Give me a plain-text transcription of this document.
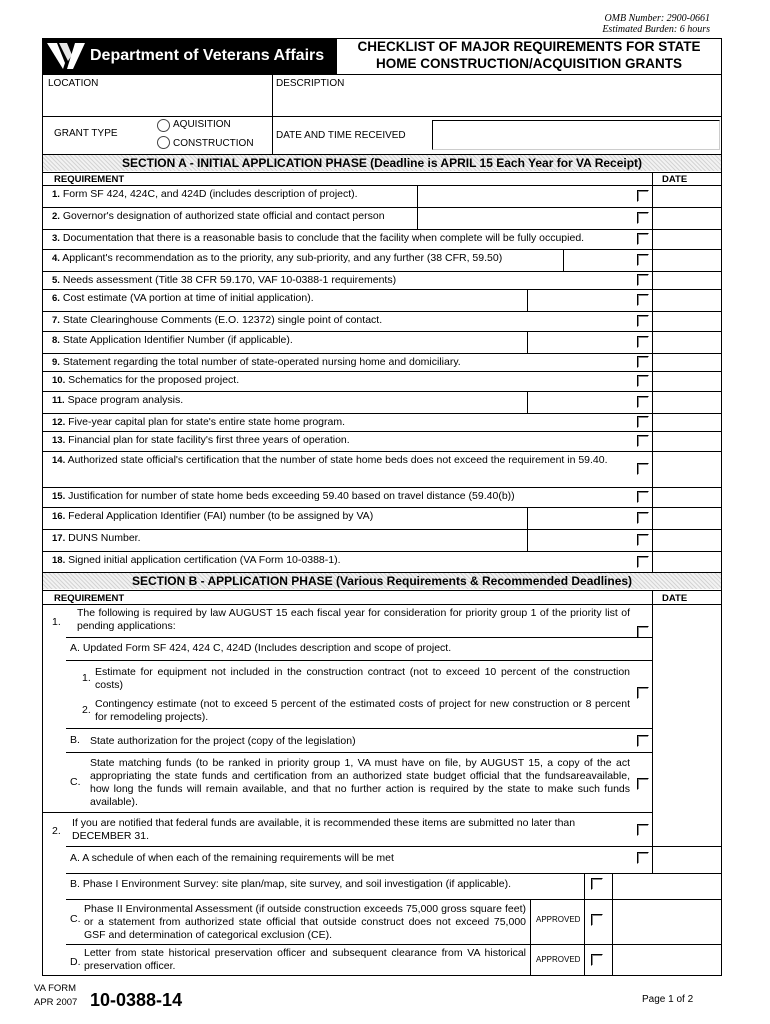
OMB Number: 2900-0661
Estimated Burden: 6 hours
Department of Veterans Affairs
CHECKLIST OF MAJOR REQUIREMENTS FOR STATE
HOME CONSTRUCTION/ACQUISITION GRANTS
LOCATION	DESCRIPTION
GRANT TYPE
AQUISITION
CONSTRUCTION
DATE AND TIME RECEIVED
SECTION A - INITIAL APPLICATION PHASE (Deadline is APRIL 15 Each Year for VA Receipt)
REQUIREMENT	DATE
1. Form SF 424, 424C, and 424D (includes description of project).
2. Governor's designation of authorized state official and contact person
3. Documentation that there is a reasonable basis to conclude that the facility when complete will be fully occupied.
4. Applicant's recommendation as to the priority, any sub-priority, and any further (38 CFR, 59.50)
5. Needs assessment (Title 38 CFR 59.170, VAF 10-0388-1 requirements)
6. Cost estimate (VA portion at time of initial application).
7. State Clearinghouse Comments (E.O. 12372) single point of contact.
8. State Application Identifier Number (if applicable).
9. Statement regarding the total number of state-operated nursing home and domiciliary.
10. Schematics for the proposed project.
11. Space program analysis.
12. Five-year capital plan for state's entire state home program.
13. Financial plan for state facility's first three years of operation.
14. Authorized state official's certification that the number of state home beds does not exceed the requirement in 59.40.
15. Justification for number of state home beds exceeding 59.40 based on travel distance (59.40(b))
16. Federal Application Identifier (FAI) number (to be assigned by VA)
17. DUNS Number.
18. Signed initial application certification (VA Form 10-0388-1).
SECTION B - APPLICATION PHASE (Various Requirements & Recommended Deadlines)
REQUIREMENT	DATE
1.
The following is required by law AUGUST 15 each fiscal year for consideration for priority group 1 of the priority list of pending applications:
A. Updated Form SF 424, 424 C, 424D (Includes description and scope of project.
1. Estimate for equipment not included in the construction contract (not to exceed 10 percent of the construction costs)
2. Contingency estimate (not to exceed 5 percent of the estimated costs of project for new construction or 8 percent for remodeling projects).
B. State authorization for the project (copy of the legislation)
C.
State matching funds (to be ranked in priority group 1, VA must have on file, by AUGUST 15, a copy of the act appropriating the state funds and certification from an authorized state budget official that the fundsareavailable, how long the funds will remain available, and that no further action is required by the state to make such funds available).
2.
If you are notified that federal funds are available, it is recommended these items are submitted no later than DECEMBER 31.
A. A schedule of when each of the remaining requirements will be met
B. Phase I Environment Survey: site plan/map, site survey, and soil investigation (if applicable).
C.
Phase II Environmental Assessment (if outside construction exceeds 75,000 gross square feet) or a statement from authorized state official that outside construct does not exceed 75,000 GSF and determination of categorical exclusion (CE).
APPROVED
D.
Letter from state historical preservation officer and subsequent clearance from VA historical preservation officer.
APPROVED
VA FORM
APR 2007 10-0388-14	Page 1 of 2
